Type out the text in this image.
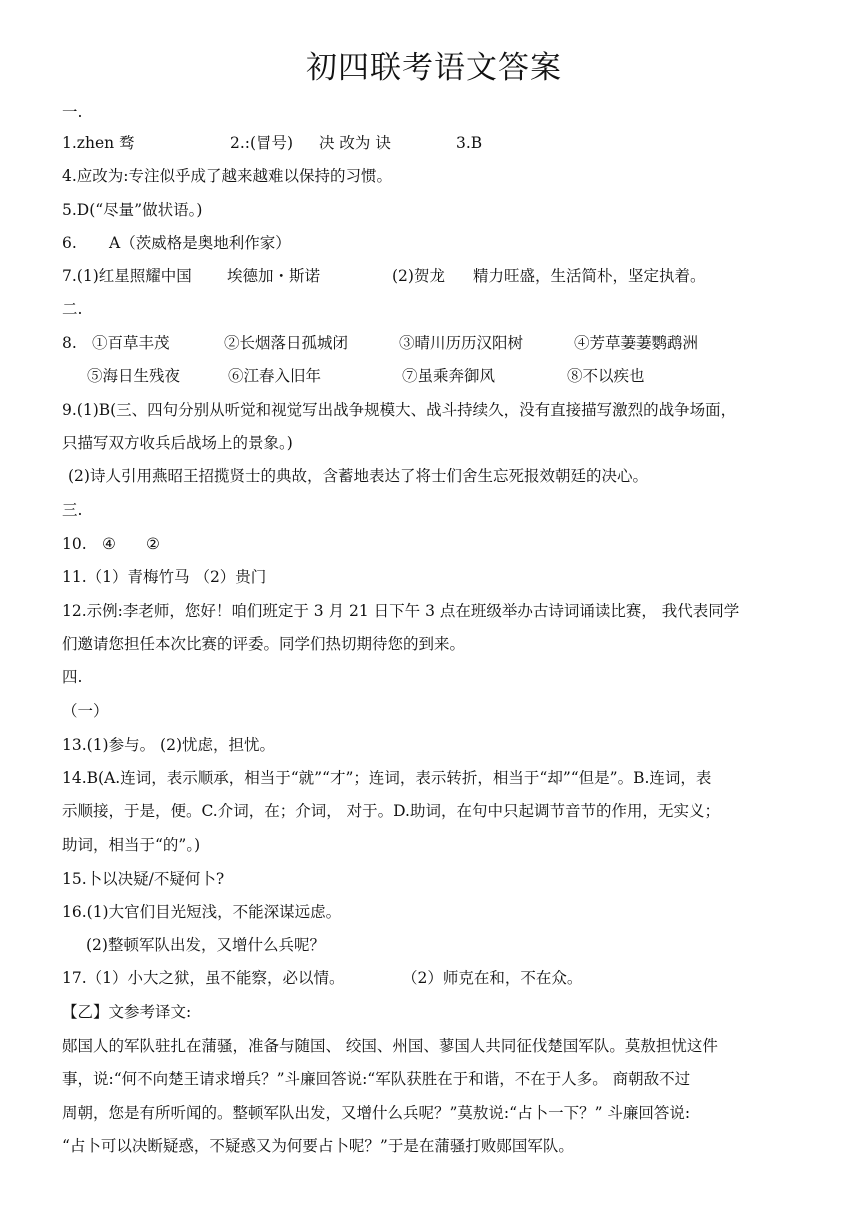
初四联考语文答案
一.
1.zhen 骛	2.:(冒号) 决 改为 诀	3.B
4.应改为:专注似乎成了越来越难以保持的习惯。
5.D(“尽量”做状语。)
6. A（茨威格是奥地利作家）
7.(1)红星照耀中国 埃德加・斯诺	(2)贺龙 精力旺盛，生活简朴，坚定执着。
二.
8. ①百草丰茂	②长烟落日孤城闭	③晴川历历汉阳树	④芳草萋萋鹦鹉洲
⑤海日生残夜	⑥江春入旧年	⑦虽乘奔御风	⑧不以疾也
9.(1)B(三、四句分别从听觉和视觉写出战争规模大、战斗持续久，没有直接描写激烈的战争场面，
只描写双方收兵后战场上的景象。)
(2)诗人引用燕昭王招揽贤士的典故，含蓄地表达了将士们舍生忘死报效朝廷的决心。
三.
10. ④ ②
11.（1）青梅竹马 （2）贵门
12.示例:李老师，您好！咱们班定于 3 月 21 日下午 3 点在班级举办古诗词诵读比赛， 我代表同学
们邀请您担任本次比赛的评委。同学们热切期待您的到来。
四.
（一）
13.(1)参与。 (2)忧虑，担忧。
14.B(A.连词，表示顺承，相当于“就”“才”；连词，表示转折，相当于“却”“但是”。B.连词，表
示顺接，于是，便。C.介词，在；介词， 对于。D.助词，在句中只起调节音节的作用，无实义；
助词，相当于“的”。)
15.卜以决疑/不疑何卜?
16.(1)大官们目光短浅，不能深谋远虑。
(2)整顿军队出发，又增什么兵呢？
17.（1）小大之狱，虽不能察，必以情。	（2）师克在和，不在众。
【乙】文参考译文:
郧国人的军队驻扎在蒲骚，准备与随国、 绞国、州国、蓼国人共同征伐楚国军队。莫敖担忧这件
事，说:“何不向楚王请求增兵？”斗廉回答说:“军队获胜在于和谐，不在于人多。 商朝敌不过
周朝，您是有所听闻的。整顿军队出发，又增什么兵呢？”莫敖说:“占卜一下？” 斗廉回答说:
“占卜可以决断疑惑，不疑惑又为何要占卜呢？”于是在蒲骚打败郧国军队。
